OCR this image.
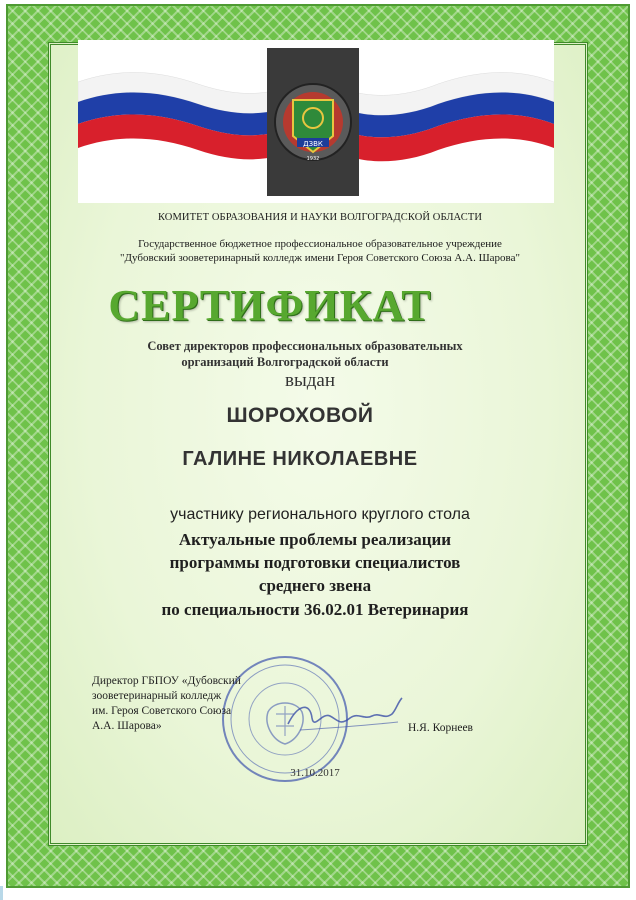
ДЗВК
1932
КОМИТЕТ ОБРАЗОВАНИЯ И НАУКИ ВОЛГОГРАДСКОЙ ОБЛАСТИ
Государственное бюджетное профессиональное образовательное учреждение
"Дубовский зооветеринарный колледж имени Героя Советского Союза А.А. Шарова"
СЕРТИФИКАТ
Совет директоров профессиональных образовательных
организаций Волгоградской области
выдан
ШОРОХОВОЙ
ГАЛИНЕ НИКОЛАЕВНЕ
участнику регионального круглого стола
Актуальные проблемы реализации
программы подготовки специалистов
среднего звена
по специальности 36.02.01 Ветеринария
Директор ГБПОУ «Дубовский
зооветеринарный колледж
им. Героя Советского Союза
А.А. Шарова»	Н.Я. Корнеев
31.10.2017
